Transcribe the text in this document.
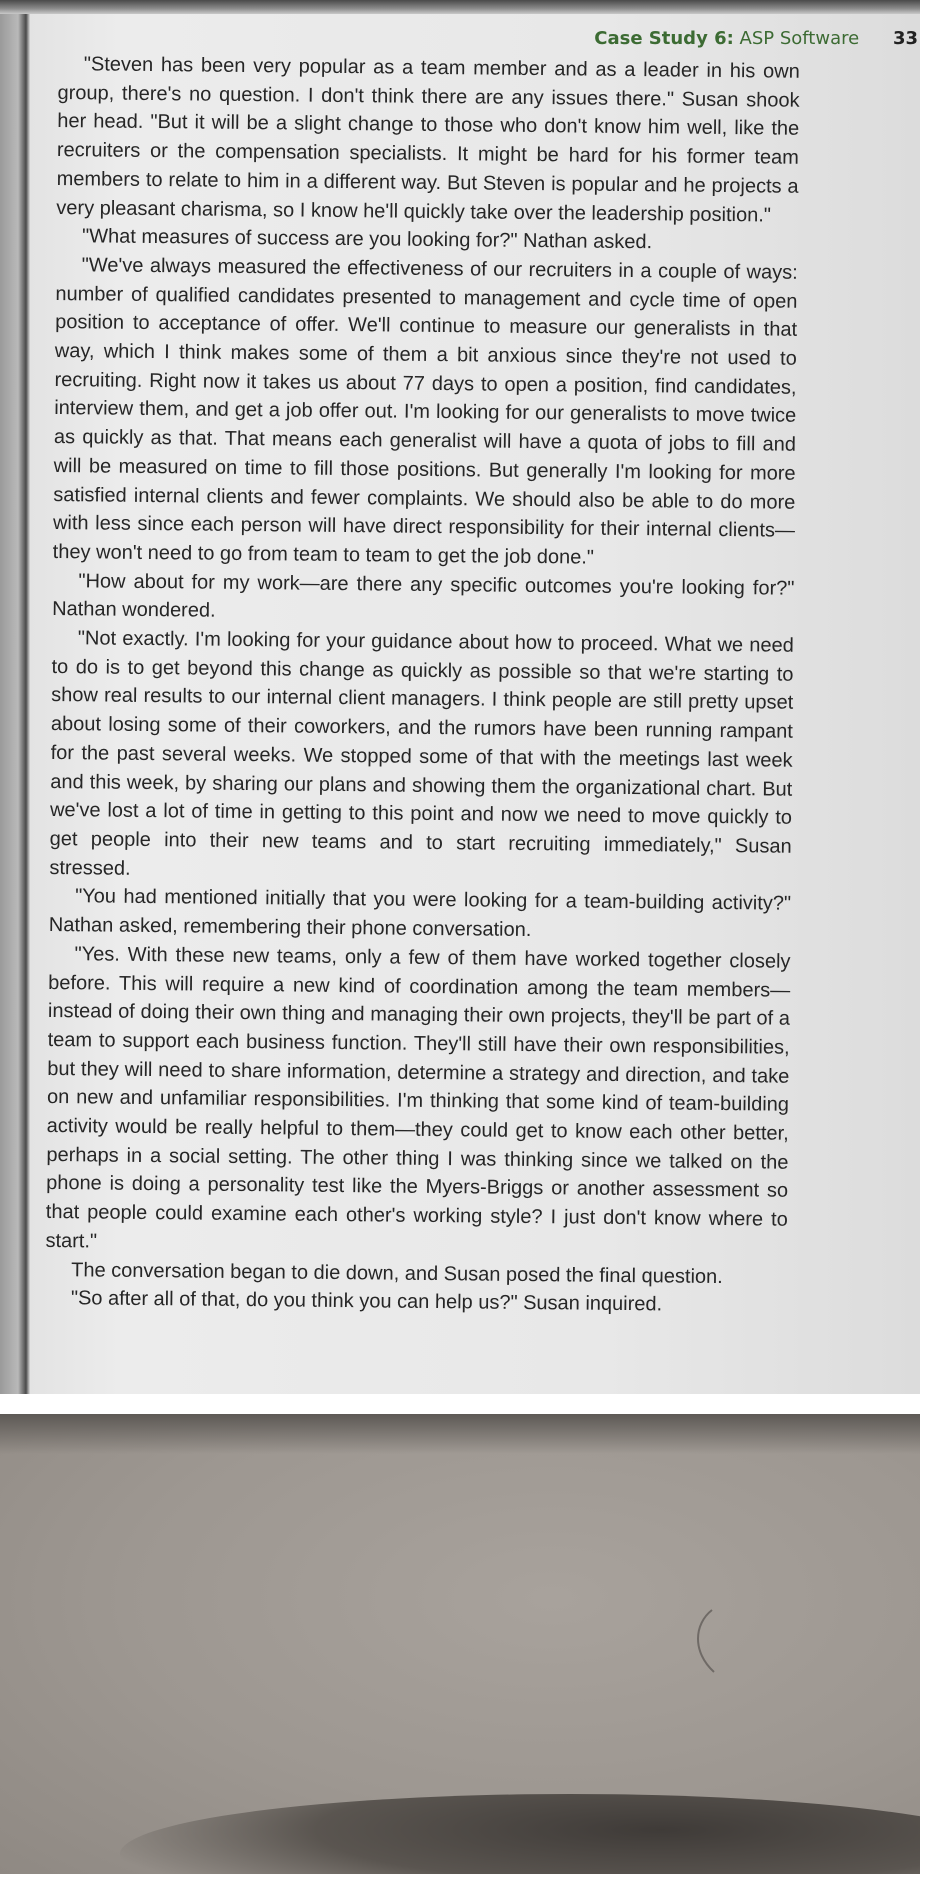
Case Study 6: ASP Software 33

"Steven has been very popular as a team member and as a leader in his own group, there's no question. I don't think there are any issues there." Susan shook her head. "But it will be a slight change to those who don't know him well, like the recruiters or the compensation specialists. It might be hard for his former team members to relate to him in a different way. But Steven is popular and he projects a very pleasant charisma, so I know he'll quickly take over the leadership position."

"What measures of success are you looking for?" Nathan asked.

"We've always measured the effectiveness of our recruiters in a couple of ways: number of qualified candidates presented to management and cycle time of open position to acceptance of offer. We'll continue to measure our generalists in that way, which I think makes some of them a bit anxious since they're not used to recruiting. Right now it takes us about 77 days to open a position, find candidates, interview them, and get a job offer out. I'm looking for our generalists to move twice as quickly as that. That means each generalist will have a quota of jobs to fill and will be measured on time to fill those positions. But generally I'm looking for more satisfied internal clients and fewer complaints. We should also be able to do more with less since each person will have direct responsibility for their internal clients—they won't need to go from team to team to get the job done."

"How about for my work—are there any specific outcomes you're looking for?" Nathan wondered.

"Not exactly. I'm looking for your guidance about how to proceed. What we need to do is to get beyond this change as quickly as possible so that we're starting to show real results to our internal client managers. I think people are still pretty upset about losing some of their coworkers, and the rumors have been running rampant for the past several weeks. We stopped some of that with the meetings last week and this week, by sharing our plans and showing them the organizational chart. But we've lost a lot of time in getting to this point and now we need to move quickly to get people into their new teams and to start recruiting immediately," Susan stressed.

"You had mentioned initially that you were looking for a team-building activity?" Nathan asked, remembering their phone conversation.

"Yes. With these new teams, only a few of them have worked together closely before. This will require a new kind of coordination among the team members—instead of doing their own thing and managing their own projects, they'll be part of a team to support each business function. They'll still have their own responsibilities, but they will need to share information, determine a strategy and direction, and take on new and unfamiliar responsibilities. I'm thinking that some kind of team-building activity would be really helpful to them—they could get to know each other better, perhaps in a social setting. The other thing I was thinking since we talked on the phone is doing a personality test like the Myers-Briggs or another assessment so that people could examine each other's working style? I just don't know where to start."

The conversation began to die down, and Susan posed the final question.

"So after all of that, do you think you can help us?" Susan inquired.
